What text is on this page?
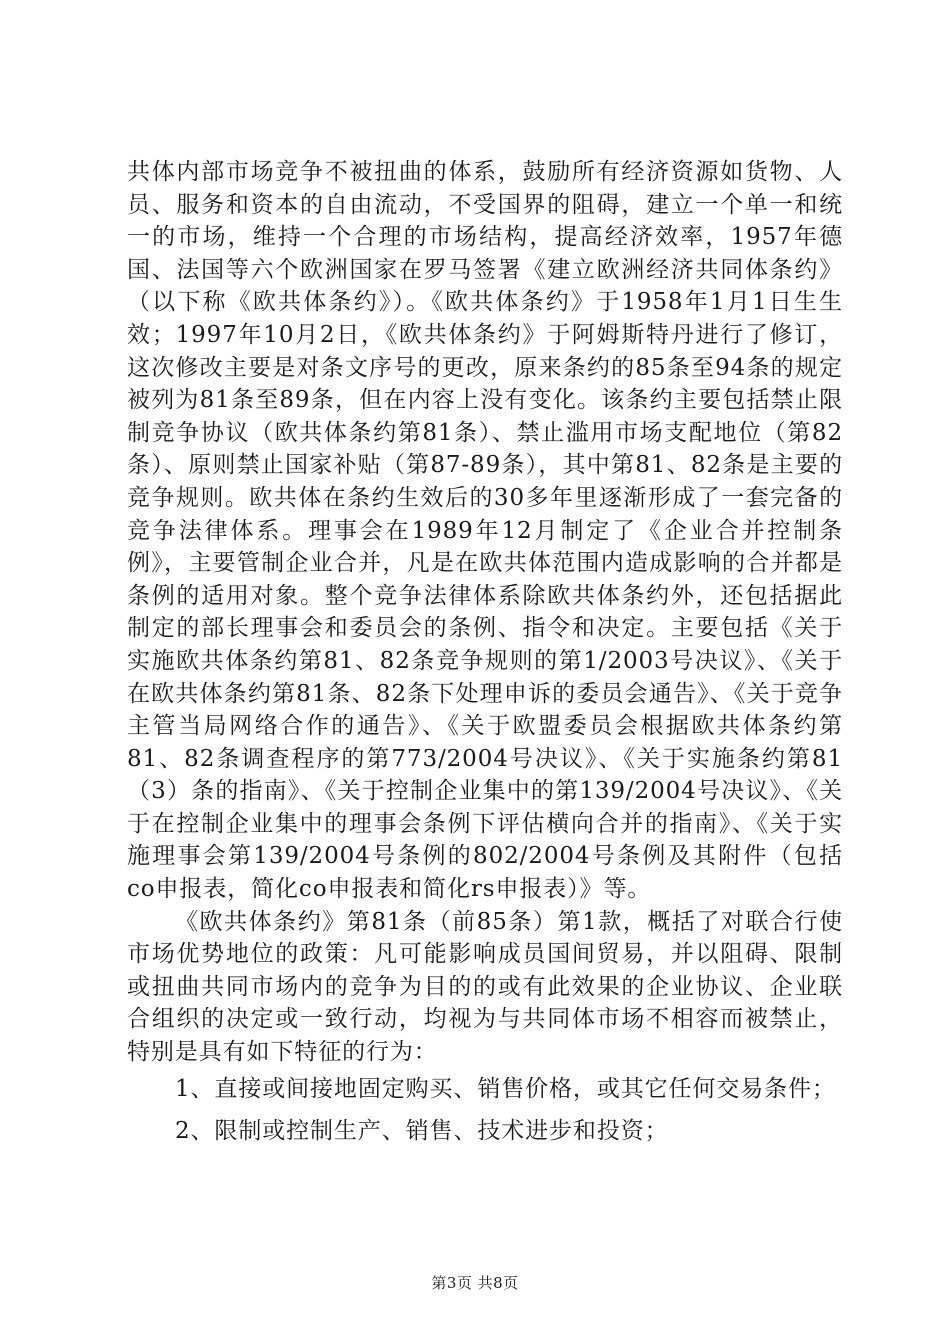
共体内部市场竞争不被扭曲的体系，鼓励所有经济资源如货物、人员、服务和资本的自由流动，不受国界的阻碍，建立一个单一和统一的市场，维持一个合理的市场结构，提高经济效率，1957年德国、法国等六个欧洲国家在罗马签署《建立欧洲经济共同体条约》（以下称《欧共体条约》）。《欧共体条约》于1958年1月1日生生效；1997年10月2日，《欧共体条约》于阿姆斯特丹进行了修订，这次修改主要是对条文序号的更改，原来条约的85条至94条的规定被列为81条至89条，但在内容上没有变化。该条约主要包括禁止限制竞争协议（欧共体条约第81条）、禁止滥用市场支配地位（第82条）、原则禁止国家补贴（第87-89条），其中第81、82条是主要的竞争规则。欧共体在条约生效后的30多年里逐渐形成了一套完备的竞争法律体系。理事会在1989年12月制定了《企业合并控制条例》，主要管制企业合并，凡是在欧共体范围内造成影响的合并都是条例的适用对象。整个竞争法律体系除欧共体条约外，还包括据此制定的部长理事会和委员会的条例、指令和决定。主要包括《关于实施欧共体条约第81、82条竞争规则的第1/2003号决议》、《关于在欧共体条约第81条、82条下处理申诉的委员会通告》、《关于竞争主管当局网络合作的通告》、《关于欧盟委员会根据欧共体条约第81、82条调查程序的第773/2004号决议》、《关于实施条约第81（3）条的指南》、《关于控制企业集中的第139/2004号决议》、《关于在控制企业集中的理事会条例下评估横向合并的指南》、《关于实施理事会第139/2004号条例的802/2004号条例及其附件（包括co申报表，简化co申报表和简化rs申报表）》等。

《欧共体条约》第81条（前85条）第1款，概括了对联合行使市场优势地位的政策：凡可能影响成员国间贸易，并以阻碍、限制或扭曲共同市场内的竞争为目的的或有此效果的企业协议、企业联合组织的决定或一致行动，均视为与共同体市场不相容而被禁止，特别是具有如下特征的行为：

1、直接或间接地固定购买、销售价格，或其它任何交易条件；

2、限制或控制生产、销售、技术进步和投资；

第3页 共8页
